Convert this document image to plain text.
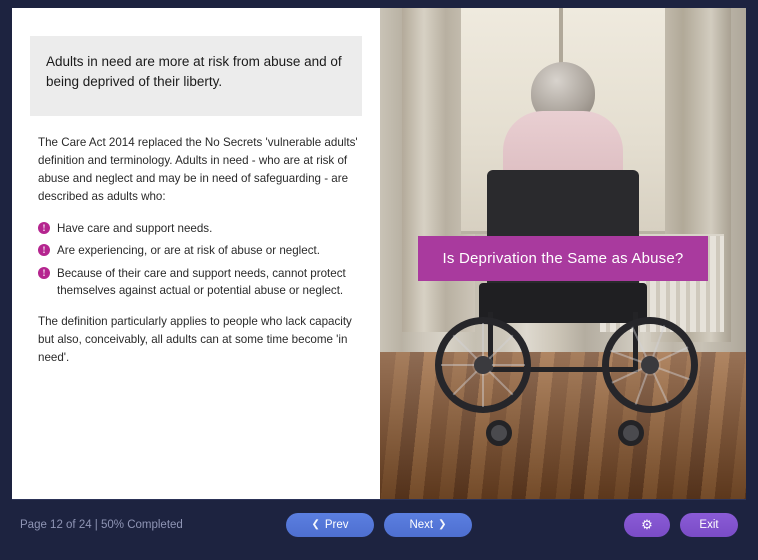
Adults in need are more at risk from abuse and of being deprived of their liberty.

The Care Act 2014 replaced the No Secrets 'vulnerable adults' definition and terminology. Adults in need - who are at risk of abuse and neglect and may be in need of safeguarding - are described as adults who:

! Have care and support needs.
! Are experiencing, or are at risk of abuse or neglect.
! Because of their care and support needs, cannot protect themselves against actual or potential abuse or neglect.

The definition particularly applies to people who lack capacity but also, conceivably, all adults can at some time become 'in need'.

Is Deprivation the Same as Abuse?
Page 12 of 24 | 50% Completed	❮ Prev	Next ❯	⚙	Exit
